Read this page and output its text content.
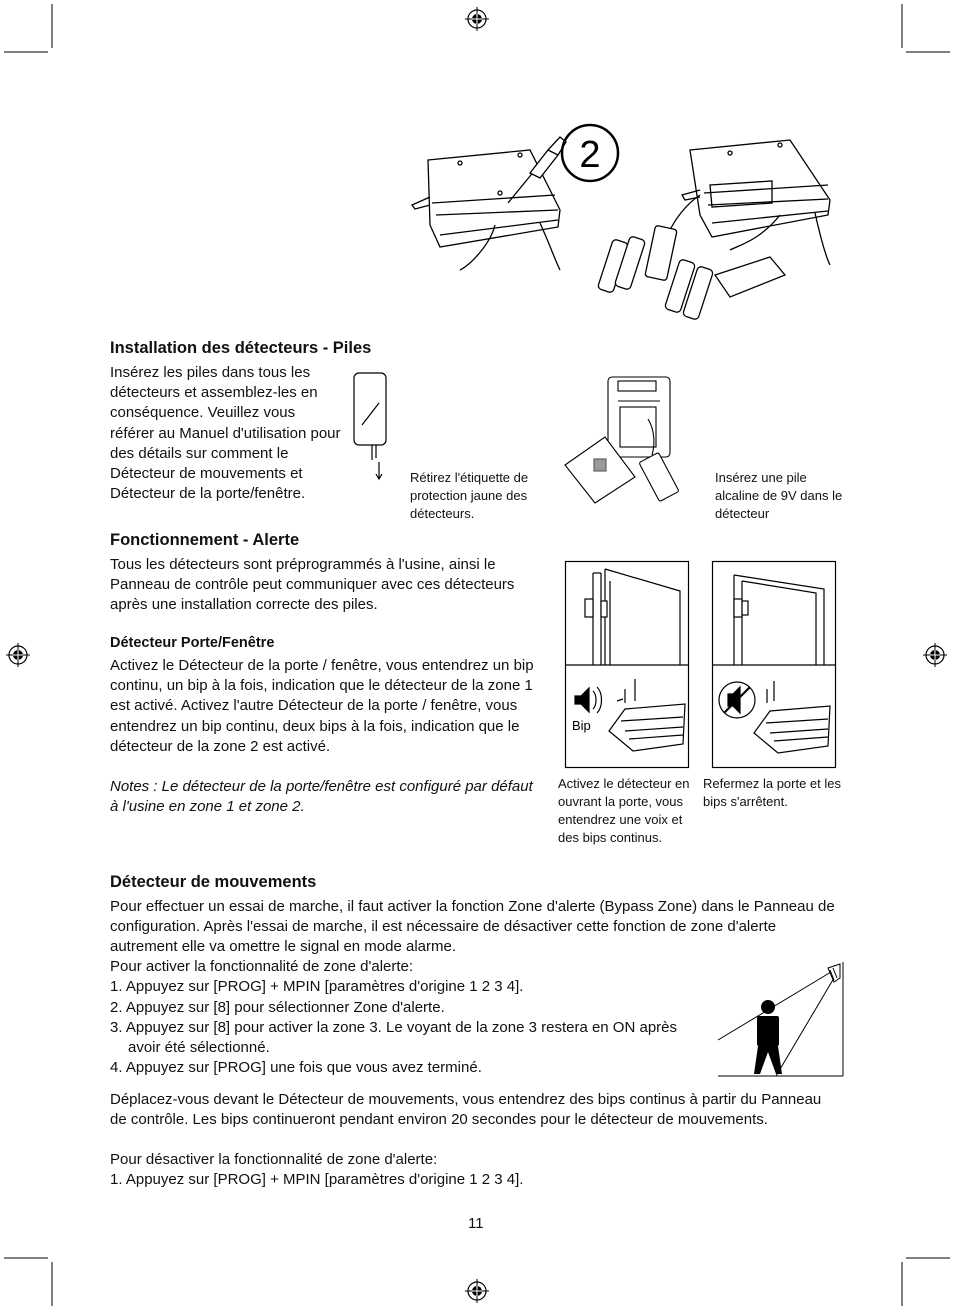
2
Installation des détecteurs - Piles
Insérez les piles dans tous les détecteurs et assemblez-les en conséquence. Veuillez vous référer au Manuel d'utilisation pour des détails sur comment le Détecteur de mouvements et Détecteur de la porte/fenêtre.
Rétirez l'étiquette de protection jaune des détecteurs.
Insérez une pile alcaline de 9V dans le détecteur
Fonctionnement - Alerte
Tous les détecteurs sont préprogrammés à l'usine, ainsi le Panneau de contrôle peut communiquer avec ces détecteurs après une installation correcte des piles.
Détecteur Porte/Fenêtre
Activez le Détecteur de la porte / fenêtre, vous entendrez un bip continu, un bip à la fois, indication que le détecteur de la zone 1 est activé. Activez l'autre Détecteur de la porte / fenêtre, vous entendrez un bip continu, deux bips à la fois, indication que le détecteur de la zone 2 est activé.
Notes : Le détecteur de la porte/fenêtre est configuré par défaut à l'usine en zone 1 et zone 2.
Bip
Activez le détecteur en ouvrant la porte, vous entendrez une voix et des bips continus.
Refermez la porte et les bips s'arrêtent.
Détecteur de mouvements
Pour effectuer un essai de marche, il faut activer la fonction Zone d'alerte (Bypass Zone) dans le Panneau de configuration. Après l'essai de marche, il est nécessaire de désactiver cette fonction de zone d'alerte autrement elle va omettre le signal en mode alarme.
Pour activer la fonctionnalité de zone d'alerte:
1. Appuyez sur [PROG] + MPIN [paramètres d'origine 1 2 3 4].
2. Appuyez sur [8] pour sélectionner Zone d'alerte.
3. Appuyez sur [8] pour activer la zone 3. Le voyant de la zone 3 restera en ON après avoir été sélectionné.
4. Appuyez sur [PROG] une fois que vous avez terminé.
Déplacez-vous devant le Détecteur de mouvements, vous entendrez des bips continus à partir du Panneau de contrôle. Les bips continueront pendant environ 20 secondes pour le détecteur de mouvements.
Pour désactiver la fonctionnalité de zone d'alerte:
1. Appuyez sur [PROG] + MPIN [paramètres d'origine 1 2 3 4].
11
